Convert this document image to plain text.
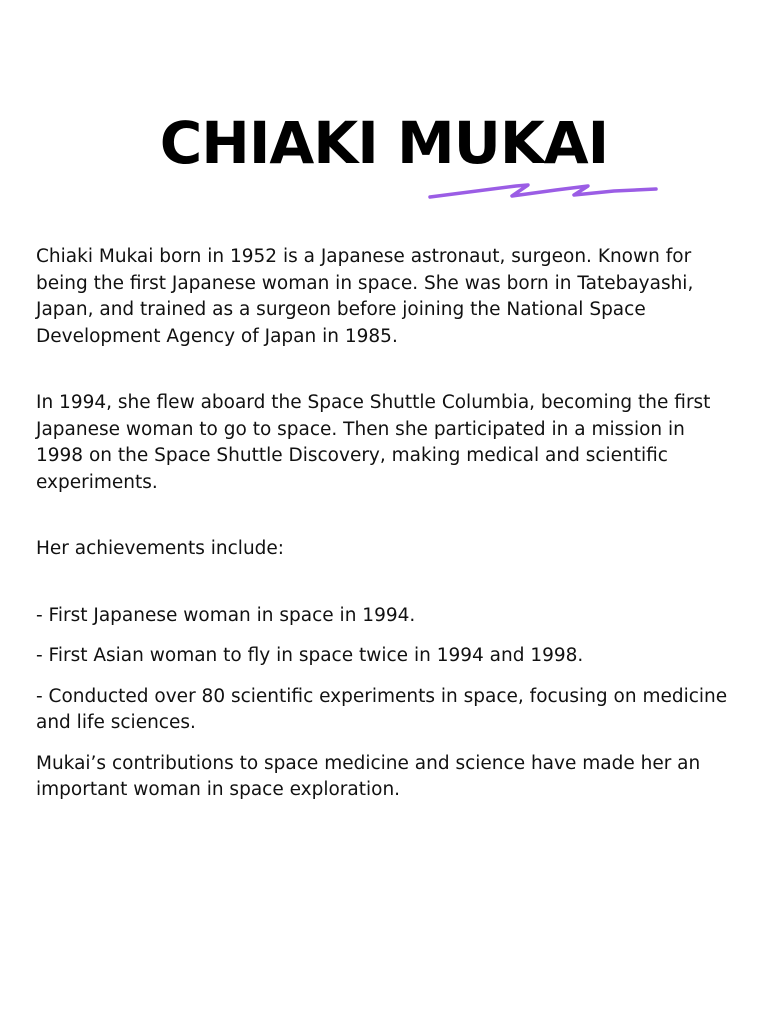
CHIAKI MUKAI

Chiaki Mukai born in 1952 is a Japanese astronaut, surgeon. Known for being the first Japanese woman in space. She was born in Tatebayashi, Japan, and trained as a surgeon before joining the National Space Development Agency of Japan in 1985.

In 1994, she flew aboard the Space Shuttle Columbia, becoming the first Japanese woman to go to space. Then she participated in a mission in 1998 on the Space Shuttle Discovery, making medical and scientific experiments.

Her achievements include:

- First Japanese woman in space in 1994.

- First Asian woman to fly in space twice in 1994 and 1998.

- Conducted over 80 scientific experiments in space, focusing on medicine and life sciences.

Mukai’s contributions to space medicine and science have made her an important woman in space exploration.
